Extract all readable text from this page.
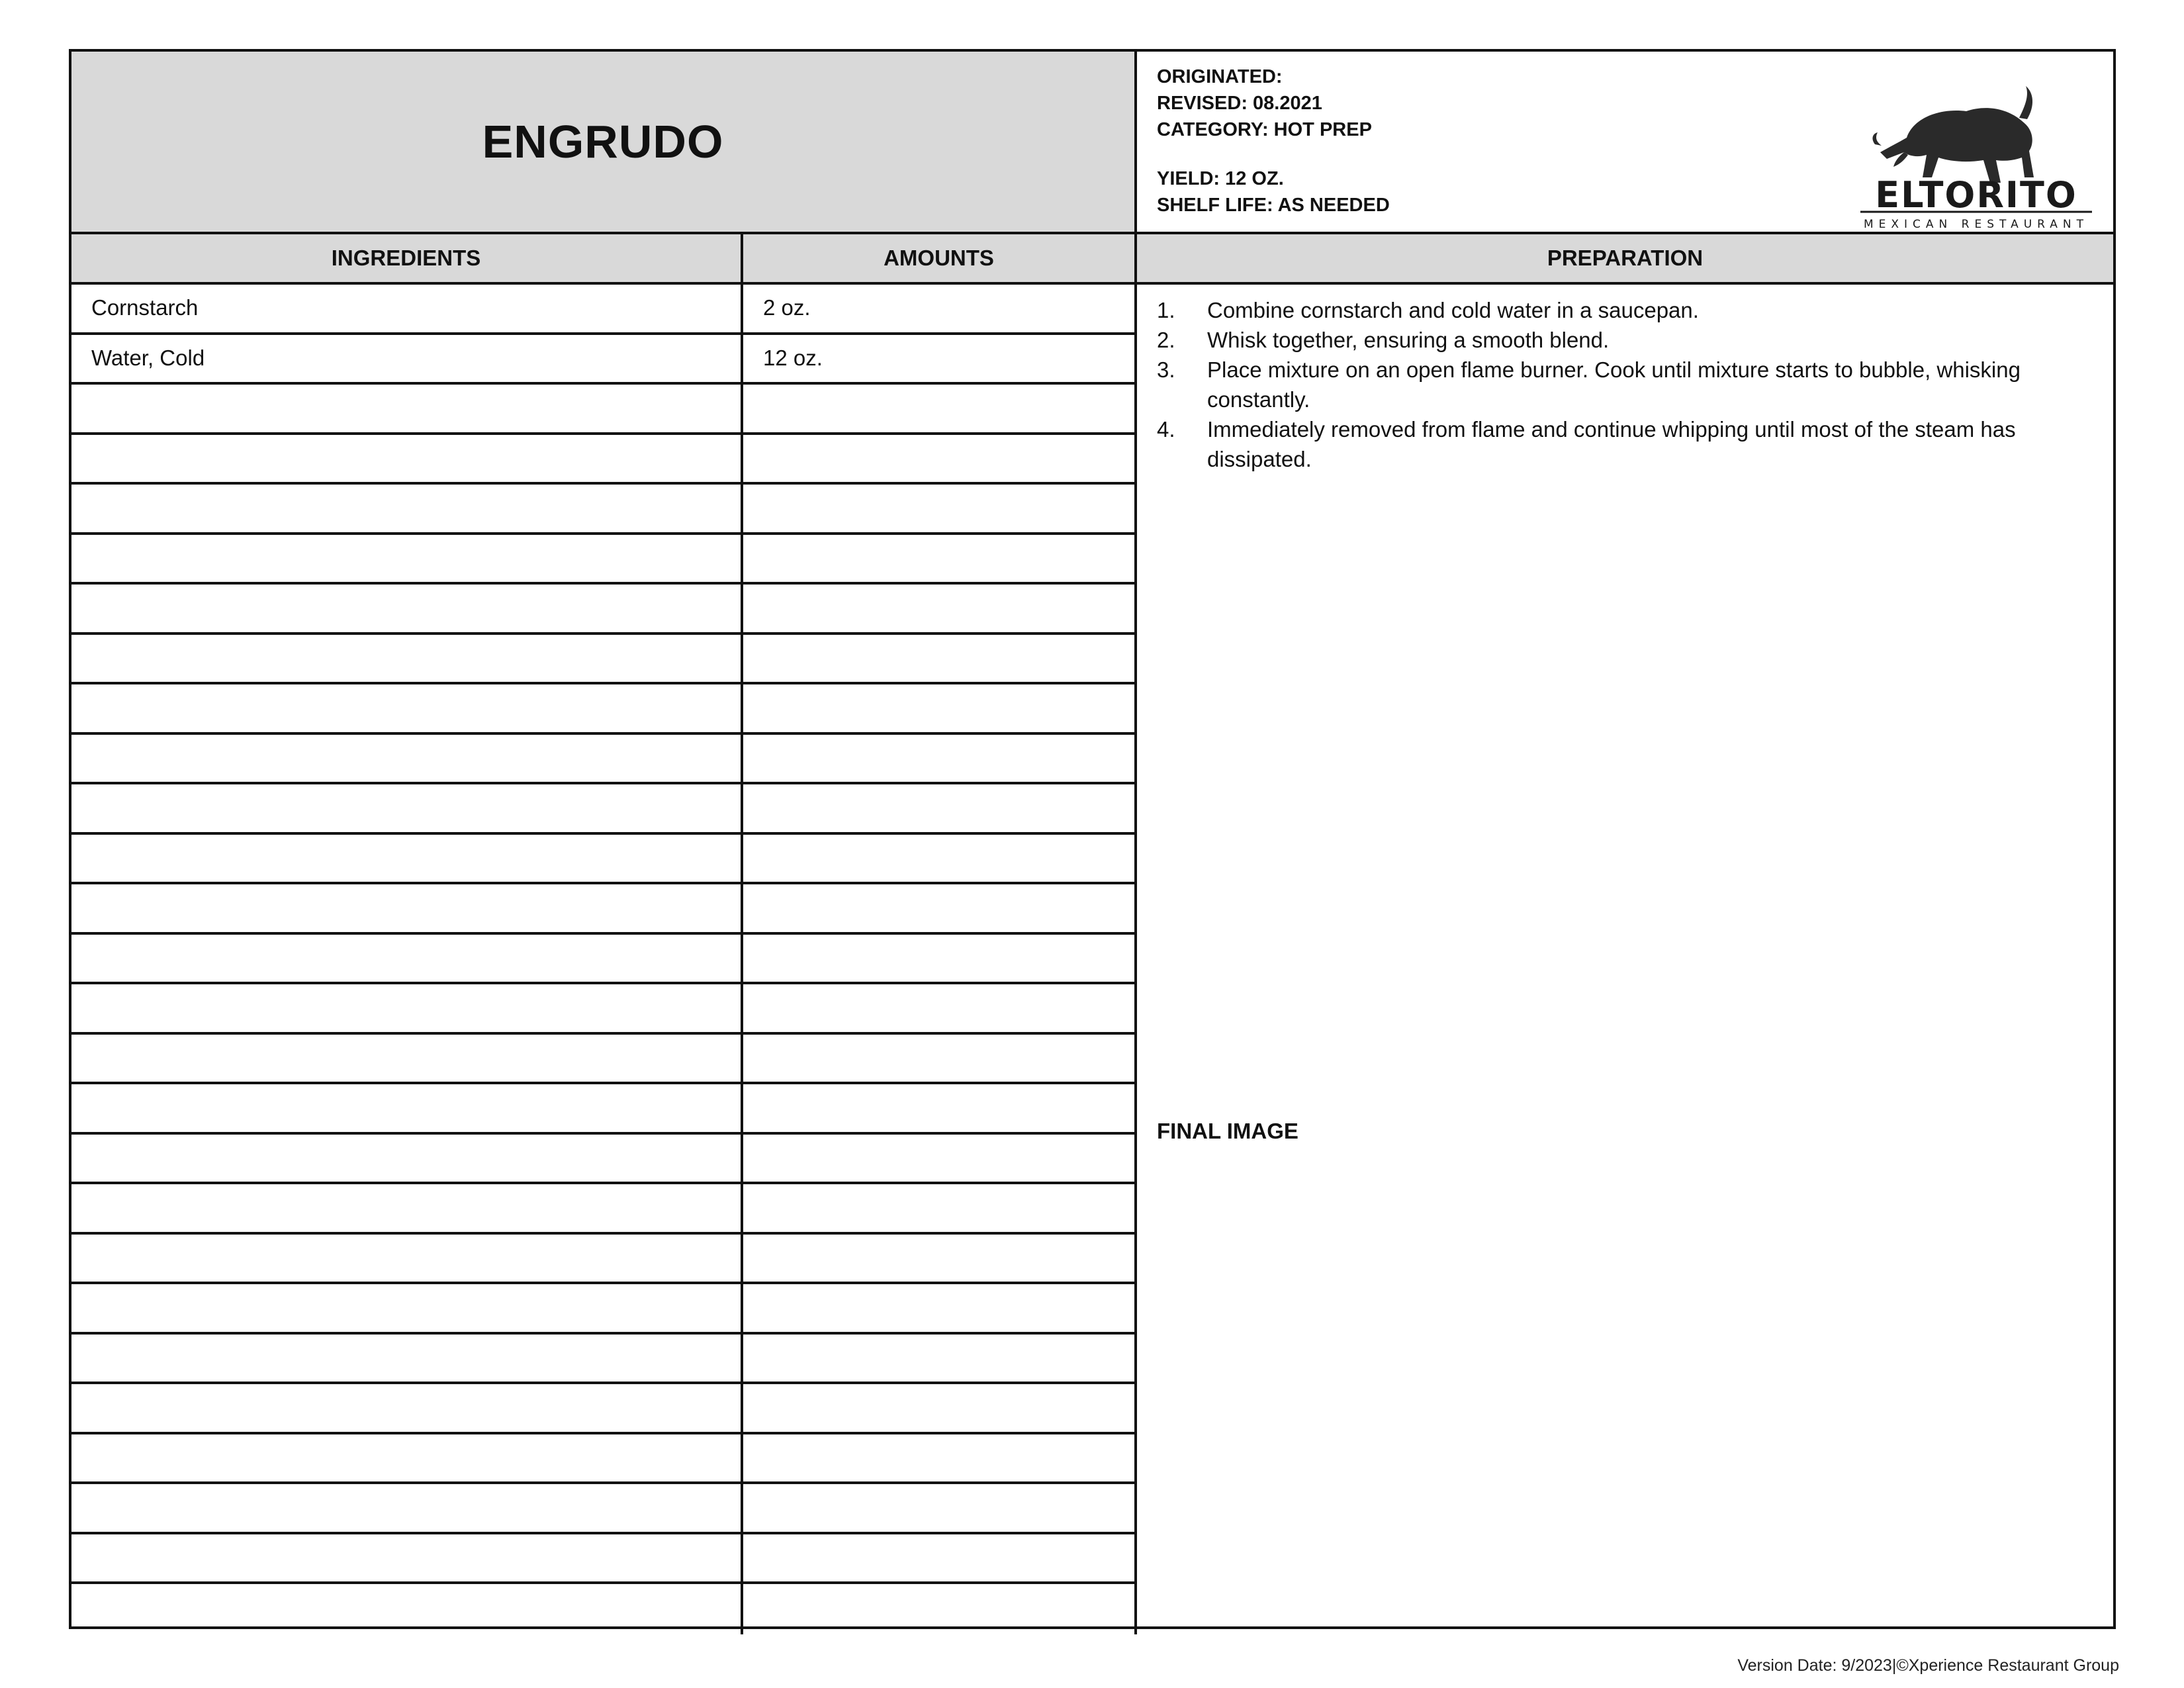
ENGRUDO
ORIGINATED:
REVISED: 08.2021
CATEGORY: HOT PREP
YIELD: 12 OZ.
SHELF LIFE: AS NEEDED	ELTORITO
MEXICAN RESTAURANT
INGREDIENTS	AMOUNTS	PREPARATION
Cornstarch	2 oz.
Water, Cold	12 oz.
1.	Combine cornstarch and cold water in a saucepan.
2.	Whisk together, ensuring a smooth blend.
3.	Place mixture on an open flame burner. Cook until mixture starts to bubble, whisking constantly.
4.	Immediately removed from flame and continue whipping until most of the steam has dissipated.
FINAL IMAGE
Version Date: 9/2023|©Xperience Restaurant Group
